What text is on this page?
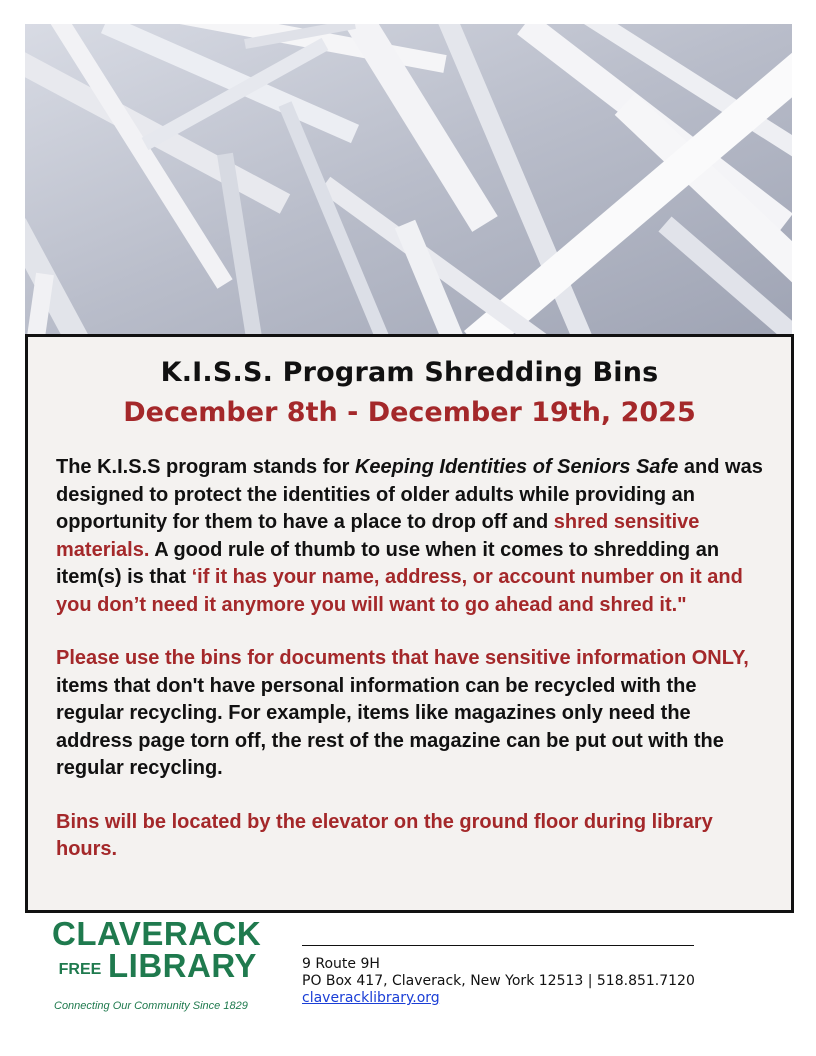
K.I.S.S. Program Shredding Bins
December 8th - December 19th, 2025

The K.I.S.S program stands for Keeping Identities of Seniors Safe and was designed to protect the identities of older adults while providing an opportunity for them to have a place to drop off and shred sensitive materials. A good rule of thumb to use when it comes to shredding an item(s) is that ‘if it has your name, address, or account number on it and you don’t need it anymore you will want to go ahead and shred it."

Please use the bins for documents that have sensitive information ONLY, items that don't have personal information can be recycled with the regular recycling. For example, items like magazines only need the address page torn off, the rest of the magazine can be put out with the regular recycling.

Bins will be located by the elevator on the ground floor during library hours.

CLAVERACK
FREE LIBRARY
Connecting Our Community Since 1829
9 Route 9H
PO Box 417, Claverack, New York 12513 | 518.851.7120
claveracklibrary.org
